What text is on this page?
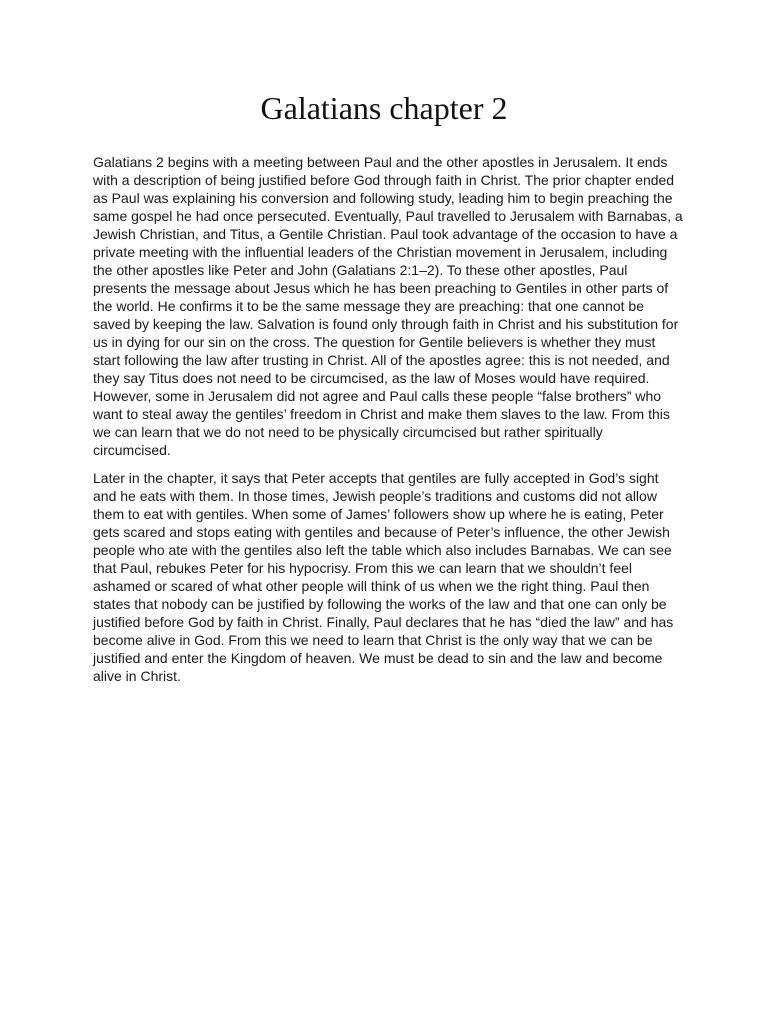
Galatians chapter 2

Galatians 2 begins with a meeting between Paul and the other apostles in Jerusalem. It ends with a description of being justified before God through faith in Christ. The prior chapter ended as Paul was explaining his conversion and following study, leading him to begin preaching the same gospel he had once persecuted. Eventually, Paul travelled to Jerusalem with Barnabas, a Jewish Christian, and Titus, a Gentile Christian. Paul took advantage of the occasion to have a private meeting with the influential leaders of the Christian movement in Jerusalem, including the other apostles like Peter and John (Galatians 2:1–2). To these other apostles, Paul presents the message about Jesus which he has been preaching to Gentiles in other parts of the world. He confirms it to be the same message they are preaching: that one cannot be saved by keeping the law. Salvation is found only through faith in Christ and his substitution for us in dying for our sin on the cross. The question for Gentile believers is whether they must start following the law after trusting in Christ. All of the apostles agree: this is not needed, and they say Titus does not need to be circumcised, as the law of Moses would have required. However, some in Jerusalem did not agree and Paul calls these people “false brothers” who want to steal away the gentiles’ freedom in Christ and make them slaves to the law. From this we can learn that we do not need to be physically circumcised but rather spiritually circumcised.

Later in the chapter, it says that Peter accepts that gentiles are fully accepted in God’s sight and he eats with them. In those times, Jewish people’s traditions and customs did not allow them to eat with gentiles. When some of James’ followers show up where he is eating, Peter gets scared and stops eating with gentiles and because of Peter’s influence, the other Jewish people who ate with the gentiles also left the table which also includes Barnabas. We can see that Paul, rebukes Peter for his hypocrisy. From this we can learn that we shouldn’t feel ashamed or scared of what other people will think of us when we the right thing. Paul then states that nobody can be justified by following the works of the law and that one can only be justified before God by faith in Christ. Finally, Paul declares that he has “died the law” and has become alive in God. From this we need to learn that Christ is the only way that we can be justified and enter the Kingdom of heaven. We must be dead to sin and the law and become alive in Christ.
